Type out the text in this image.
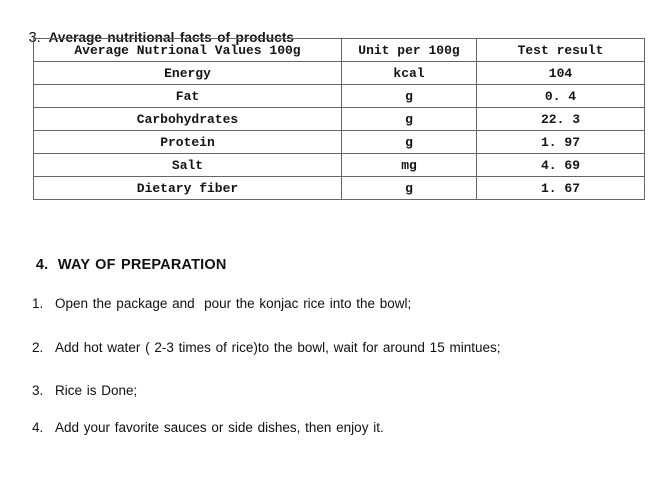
3. Average nutritional facts of products

Average Nutrional Values 100g	Unit per 100g	Test result
Energy	kcal	104
Fat	g	0. 4
Carbohydrates	g	22. 3
Protein	g	1. 97
Salt	mg	4. 69
Dietary fiber	g	1. 67

4. WAY OF PREPARATION

1. Open the package and  pour the konjac rice into the bowl;

2. Add hot water ( 2-3 times of rice)to the bowl, wait for around 15 mintues;

3. Rice is Done;

4. Add your favorite sauces or side dishes, then enjoy it.
